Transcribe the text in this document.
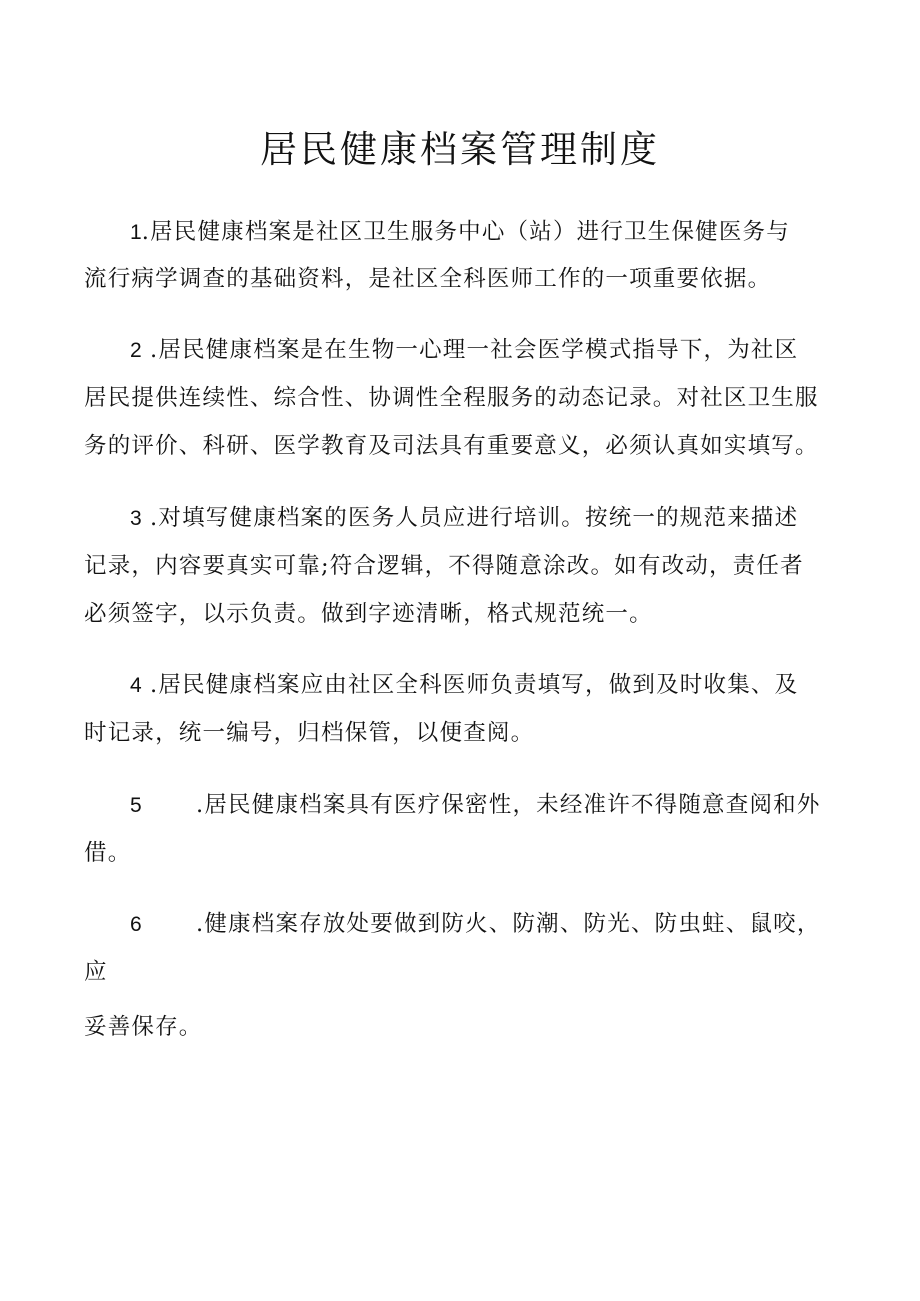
居民健康档案管理制度
1.居民健康档案是社区卫生服务中心（站）进行卫生保健医务与
流行病学调查的基础资料，是社区全科医师工作的一项重要依据。
2 .居民健康档案是在生物一心理一社会医学模式指导下，为社区
居民提供连续性、综合性、协调性全程服务的动态记录。对社区卫生服
务的评价、科研、医学教育及司法具有重要意义，必须认真如实填写。
3 .对填写健康档案的医务人员应进行培训。按统一的规范来描述
记录，内容要真实可靠;符合逻辑，不得随意涂改。如有改动，责任者
必须签字，以示负责。做到字迹清晰，格式规范统一。
4 .居民健康档案应由社区全科医师负责填写，做到及时收集、及
时记录，统一编号，归档保管，以便查阅。
5 .居民健康档案具有医疗保密性，未经准许不得随意查阅和外
借。
6 .健康档案存放处要做到防火、防潮、防光、防虫蛀、鼠咬，
应
妥善保存。
